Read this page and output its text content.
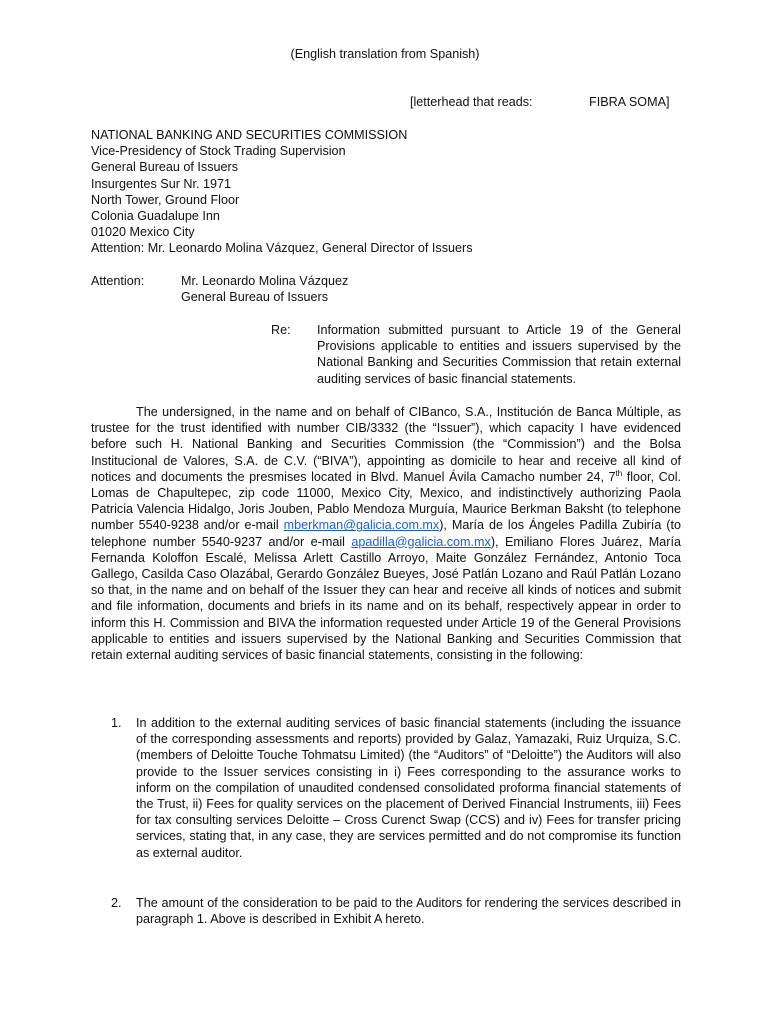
(English translation from Spanish)
[letterhead that reads:	FIBRA SOMA]
NATIONAL BANKING AND SECURITIES COMMISSION
Vice-Presidency of Stock Trading Supervision
General Bureau of Issuers
Insurgentes Sur Nr. 1971
North Tower, Ground Floor
Colonia Guadalupe Inn
01020 Mexico City
Attention: Mr. Leonardo Molina Vázquez, General Director of Issuers
Attention:	Mr. Leonardo Molina Vázquez
General Bureau of Issuers
Re: Information submitted pursuant to Article 19 of the General Provisions applicable to entities and issuers supervised by the National Banking and Securities Commission that retain external auditing services of basic financial statements.
The undersigned, in the name and on behalf of CIBanco, S.A., Institución de Banca Múltiple, as trustee for the trust identified with number CIB/3332 (the “Issuer”), which capacity I have evidenced before such H. National Banking and Securities Commission (the “Commission”) and the Bolsa Institucional de Valores, S.A. de C.V. (“BIVA”), appointing as domicile to hear and receive all kind of notices and documents the presmises located in Blvd. Manuel Ávila Camacho number 24, 7th floor, Col. Lomas de Chapultepec, zip code 11000, Mexico City, Mexico, and indistinctively authorizing Paola Patricia Valencia Hidalgo, Joris Jouben, Pablo Mendoza Murguía, Maurice Berkman Baksht (to telephone number 5540-9238 and/or e-mail mberkman@galicia.com.mx), María de los Ángeles Padilla Zubiría (to telephone number 5540-9237 and/or e-mail apadilla@galicia.com.mx), Emiliano Flores Juárez, María Fernanda Koloffon Escalé, Melissa Arlett Castillo Arroyo, Maite González Fernández, Antonio Toca Gallego, Casilda Caso Olazábal, Gerardo González Bueyes, José Patlán Lozano and Raúl Patlán Lozano so that, in the name and on behalf of the Issuer they can hear and receive all kinds of notices and submit and file information, documents and briefs in its name and on its behalf, respectively appear in order to inform this H. Commission and BIVA the information requested under Article 19 of the General Provisions applicable to entities and issuers supervised by the National Banking and Securities Commission that retain external auditing services of basic financial statements, consisting in the following:
1.	In addition to the external auditing services of basic financial statements (including the issuance of the corresponding assessments and reports) provided by Galaz, Yamazaki, Ruiz Urquiza, S.C. (members of Deloitte Touche Tohmatsu Limited) (the “Auditors” of “Deloitte”) the Auditors will also provide to the Issuer services consisting in i) Fees corresponding to the assurance works to inform on the compilation of unaudited condensed consolidated proforma financial statements of the Trust, ii) Fees for quality services on the placement of Derived Financial Instruments, iii) Fees for tax consulting services Deloitte – Cross Curenct Swap (CCS) and iv) Fees for transfer pricing services, stating that, in any case, they are services permitted and do not compromise its function as external auditor.
2.	The amount of the consideration to be paid to the Auditors for rendering the services described in paragraph 1. Above is described in Exhibit A hereto.
